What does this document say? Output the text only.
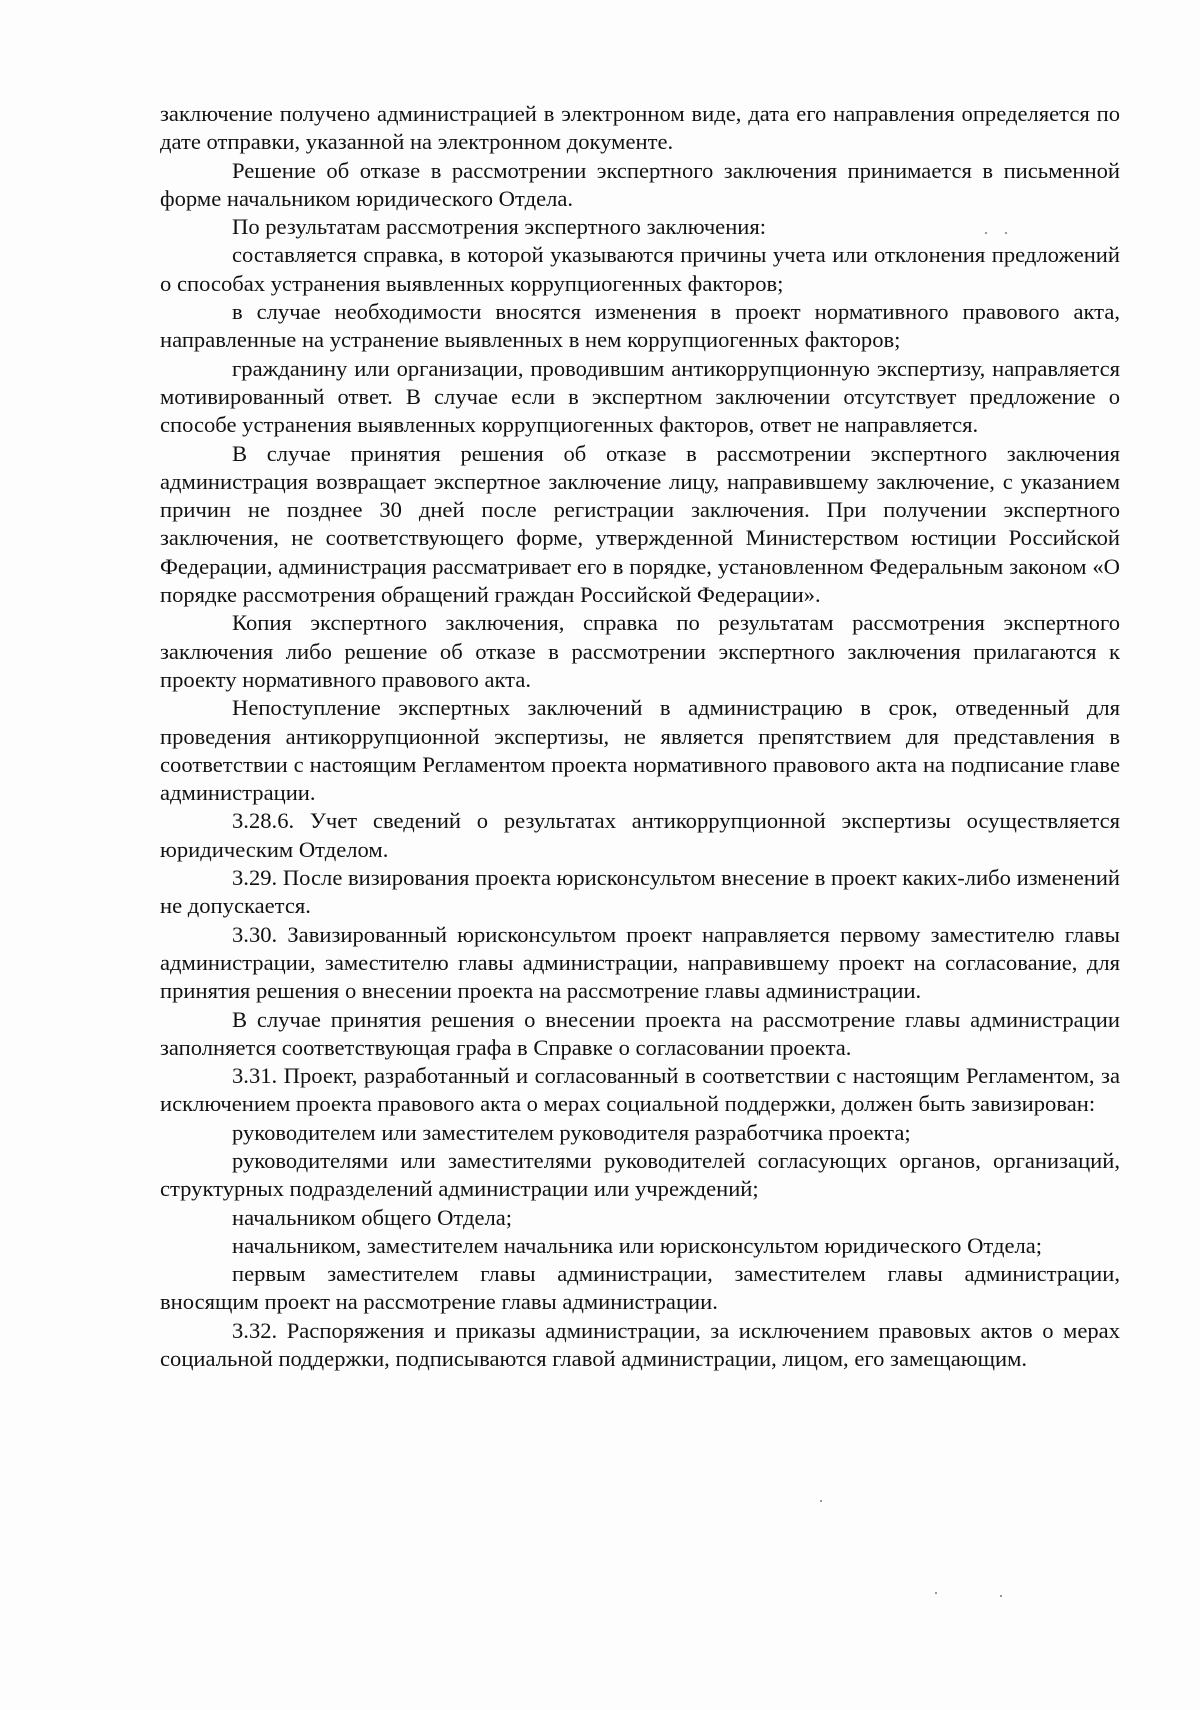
заключение получено администрацией в электронном виде, дата его направления определяется по дате отправки, указанной на электронном документе.

Решение об отказе в рассмотрении экспертного заключения принимается в письменной форме начальником юридического Отдела.

По результатам рассмотрения экспертного заключения:

составляется справка, в которой указываются причины учета или отклонения предложений о способах устранения выявленных коррупциогенных факторов;

в случае необходимости вносятся изменения в проект нормативного правового акта, направленные на устранение выявленных в нем коррупциогенных факторов;

гражданину или организации, проводившим антикоррупционную экспертизу, направляется мотивированный ответ. В случае если в экспертном заключении отсутствует предложение о способе устранения выявленных коррупциогенных факторов, ответ не направляется.

В случае принятия решения об отказе в рассмотрении экспертного заключения администрация возвращает экспертное заключение лицу, направившему заключение, с указанием причин не позднее 30 дней после регистрации заключения. При получении экспертного заключения, не соответствующего форме, утвержденной Министерством юстиции Российской Федерации, администрация рассматривает его в порядке, установленном Федеральным законом «О порядке рассмотрения обращений граждан Российской Федерации».

Копия экспертного заключения, справка по результатам рассмотрения экспертного заключения либо решение об отказе в рассмотрении экспертного заключения прилагаются к проекту нормативного правового акта.

Непоступление экспертных заключений в администрацию в срок, отведенный для проведения антикоррупционной экспертизы, не является препятствием для представления в соответствии с настоящим Регламентом проекта нормативного правового акта на подписание главе администрации.

3.28.6. Учет сведений о результатах антикоррупционной экспертизы осуществляется юридическим Отделом.

3.29. После визирования проекта юрисконсультом внесение в проект каких-либо изменений не допускается.

3.30. Завизированный юрисконсультом проект направляется первому заместителю главы администрации, заместителю главы администрации, направившему проект на согласование, для принятия решения о внесении проекта на рассмотрение главы администрации.

В случае принятия решения о внесении проекта на рассмотрение главы администрации заполняется соответствующая графа в Справке о согласовании проекта.

3.31. Проект, разработанный и согласованный в соответствии с настоящим Регламентом, за исключением проекта правового акта о мерах социальной поддержки, должен быть завизирован:

руководителем или заместителем руководителя разработчика проекта;

руководителями или заместителями руководителей согласующих органов, организаций, структурных подразделений администрации или учреждений;

начальником общего Отдела;

начальником, заместителем начальника или юрисконсультом юридического Отдела;

первым заместителем главы администрации, заместителем главы администрации, вносящим проект на рассмотрение главы администрации.

3.32. Распоряжения и приказы администрации, за исключением правовых актов о мерах социальной поддержки, подписываются главой администрации, лицом, его замещающим.
